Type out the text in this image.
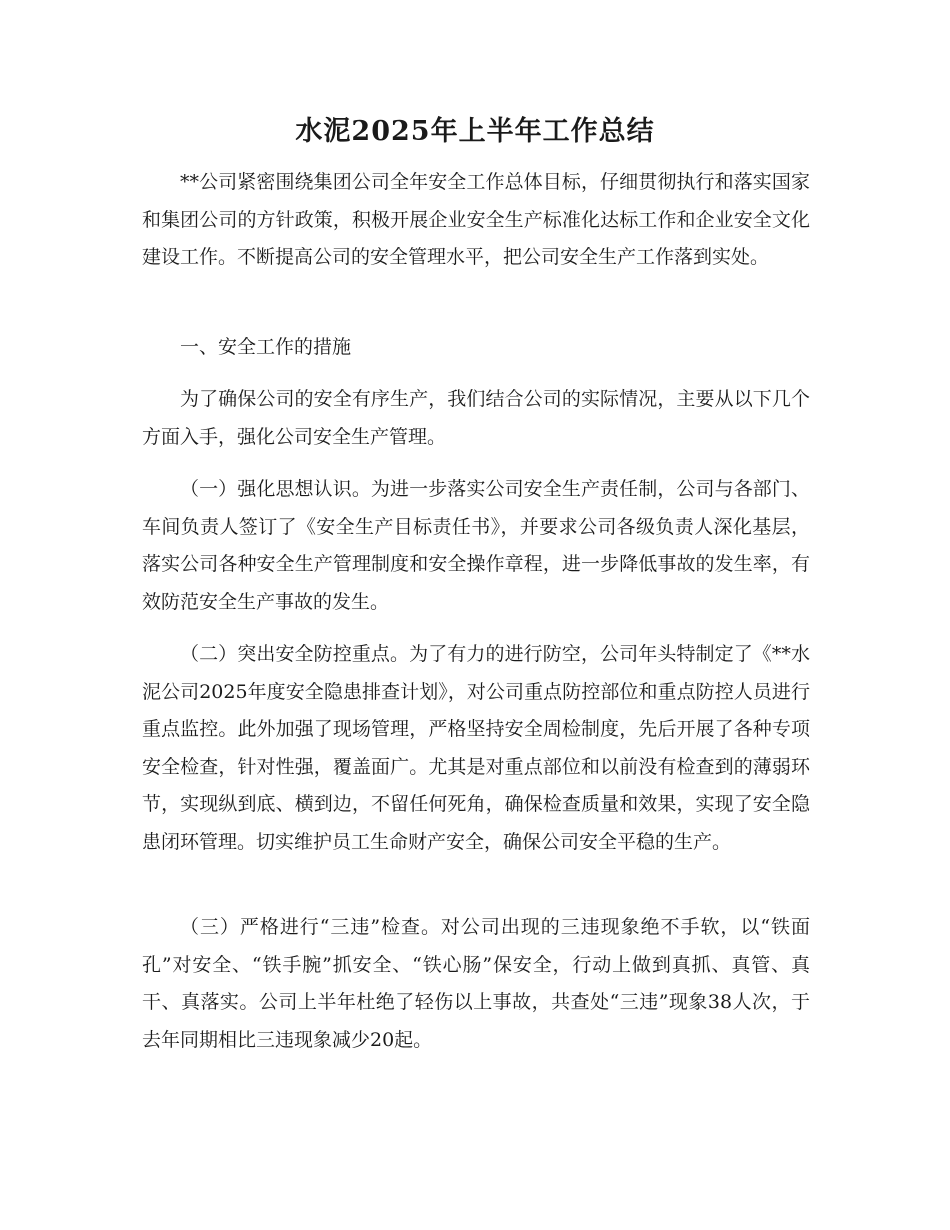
水泥2025年上半年工作总结

**公司紧密围绕集团公司全年安全工作总体目标，仔细贯彻执行和落实国家和集团公司的方针政策，积极开展企业安全生产标准化达标工作和企业安全文化建设工作。不断提高公司的安全管理水平，把公司安全生产工作落到实处。

一、安全工作的措施

为了确保公司的安全有序生产，我们结合公司的实际情况，主要从以下几个方面入手，强化公司安全生产管理。

（一）强化思想认识。为进一步落实公司安全生产责任制，公司与各部门、车间负责人签订了《安全生产目标责任书》，并要求公司各级负责人深化基层，落实公司各种安全生产管理制度和安全操作章程，进一步降低事故的发生率，有效防范安全生产事故的发生。

（二）突出安全防控重点。为了有力的进行防空，公司年头特制定了《**水泥公司2025年度安全隐患排查计划》，对公司重点防控部位和重点防控人员进行重点监控。此外加强了现场管理，严格坚持安全周检制度，先后开展了各种专项安全检查，针对性强，覆盖面广。尤其是对重点部位和以前没有检查到的薄弱环节，实现纵到底、横到边，不留任何死角，确保检查质量和效果，实现了安全隐患闭环管理。切实维护员工生命财产安全，确保公司安全平稳的生产。

（三）严格进行“三违”检查。对公司出现的三违现象绝不手软，以“铁面孔”对安全、“铁手腕”抓安全、“铁心肠”保安全，行动上做到真抓、真管、真干、真落实。公司上半年杜绝了轻伤以上事故，共查处“三违”现象38人次，于去年同期相比三违现象减少20起。
